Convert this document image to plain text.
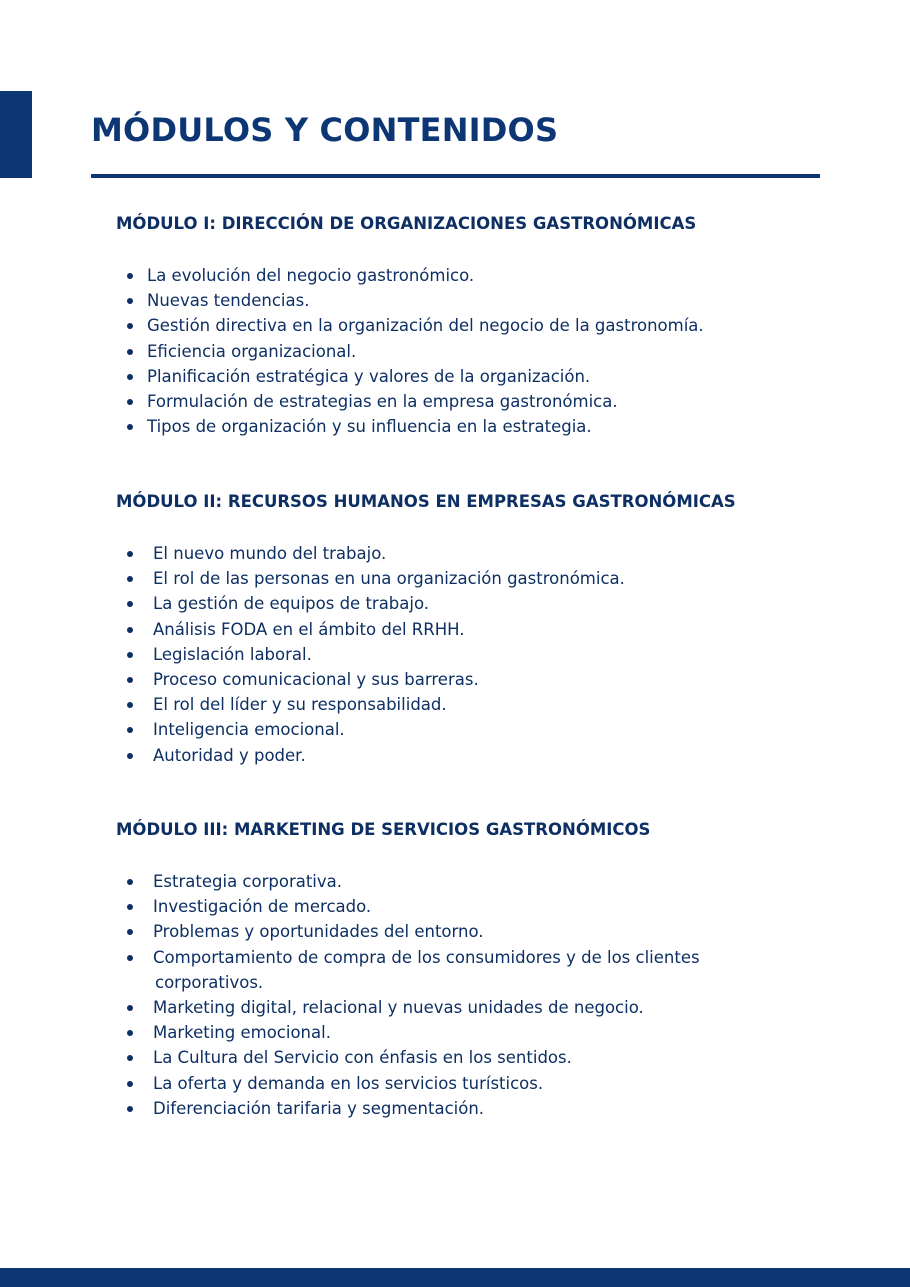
MÓDULOS Y CONTENIDOS
MÓDULO I: DIRECCIÓN DE ORGANIZACIONES GASTRONÓMICAS
La evolución del negocio gastronómico.
Nuevas tendencias.
Gestión directiva en la organización del negocio de la gastronomía.
Eficiencia organizacional.
Planificación estratégica y valores de la organización.
Formulación de estrategias en la empresa gastronómica.
Tipos de organización y su influencia en la estrategia.
MÓDULO II: RECURSOS HUMANOS EN EMPRESAS GASTRONÓMICAS
El nuevo mundo del trabajo.
El rol de las personas en una organización gastronómica.
La gestión de equipos de trabajo.
Análisis FODA en el ámbito del RRHH.
Legislación laboral.
Proceso comunicacional y sus barreras.
El rol del líder y su responsabilidad.
Inteligencia emocional.
Autoridad y poder.
MÓDULO III: MARKETING DE SERVICIOS GASTRONÓMICOS
Estrategia corporativa.
Investigación de mercado.
Problemas y oportunidades del entorno.
Comportamiento de compra de los consumidores y de los clientes
corporativos.
Marketing digital, relacional y nuevas unidades de negocio.
Marketing emocional.
La Cultura del Servicio con énfasis en los sentidos.
La oferta y demanda en los servicios turísticos.
Diferenciación tarifaria y segmentación.
